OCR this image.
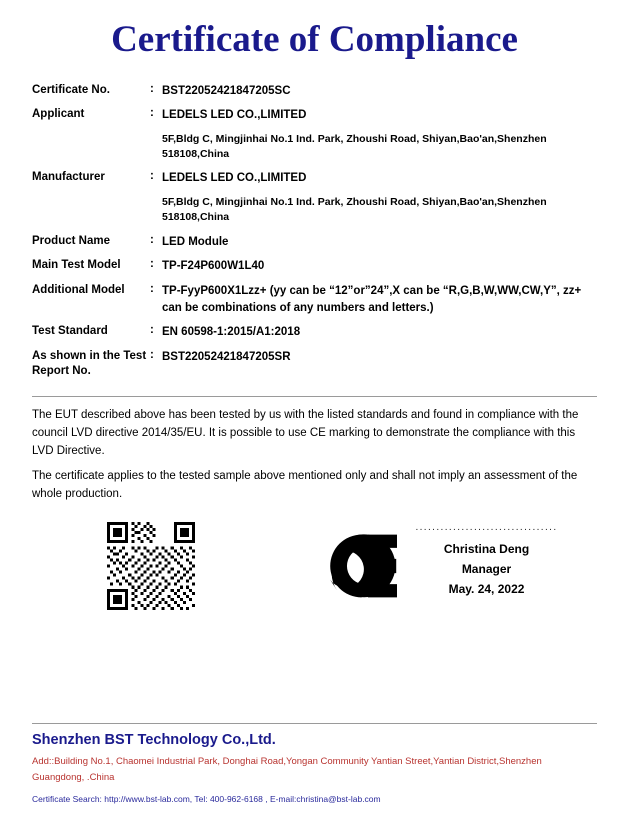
Certificate of Compliance
Certificate No.	:	BST22052421847205SC
Applicant	:	LEDELS LED CO.,LIMITED
		5F,Bldg C, Mingjinhai No.1 Ind. Park, Zhoushi Road, Shiyan,Bao'an,Shenzhen 518108,China
Manufacturer	:	LEDELS LED CO.,LIMITED
		5F,Bldg C, Mingjinhai No.1 Ind. Park, Zhoushi Road, Shiyan,Bao'an,Shenzhen 518108,China
Product Name	:	LED Module
Main Test Model	:	TP-F24P600W1L40
Additional Model	:	TP-FyyP600X1Lzz+ (yy can be “12”or”24”,X can be “R,G,B,W,WW,CW,Y”, zz+ can be combinations of any numbers and letters.)
Test Standard	:	EN 60598-1:2015/A1:2018
As shown in the Test Report No.	:	BST22052421847205SR

The EUT described above has been tested by us with the listed standards and found in compliance with the council LVD directive 2014/35/EU. It is possible to use CE marking to demonstrate the compliance with this LVD Directive.

The certificate applies to the tested sample above mentioned only and shall not imply an assessment of the whole production.

..................................
Christina Deng
Manager
May. 24, 2022
Shenzhen BST Technology Co.,Ltd.
Add::Building No.1, Chaomei Industrial Park, Donghai Road,Yongan Community Yantian Street,Yantian District,Shenzhen
Guangdong, .China
Certificate Search: http://www.bst-lab.com, Tel: 400-962-6168 , E-mail:christina@bst-lab.com
